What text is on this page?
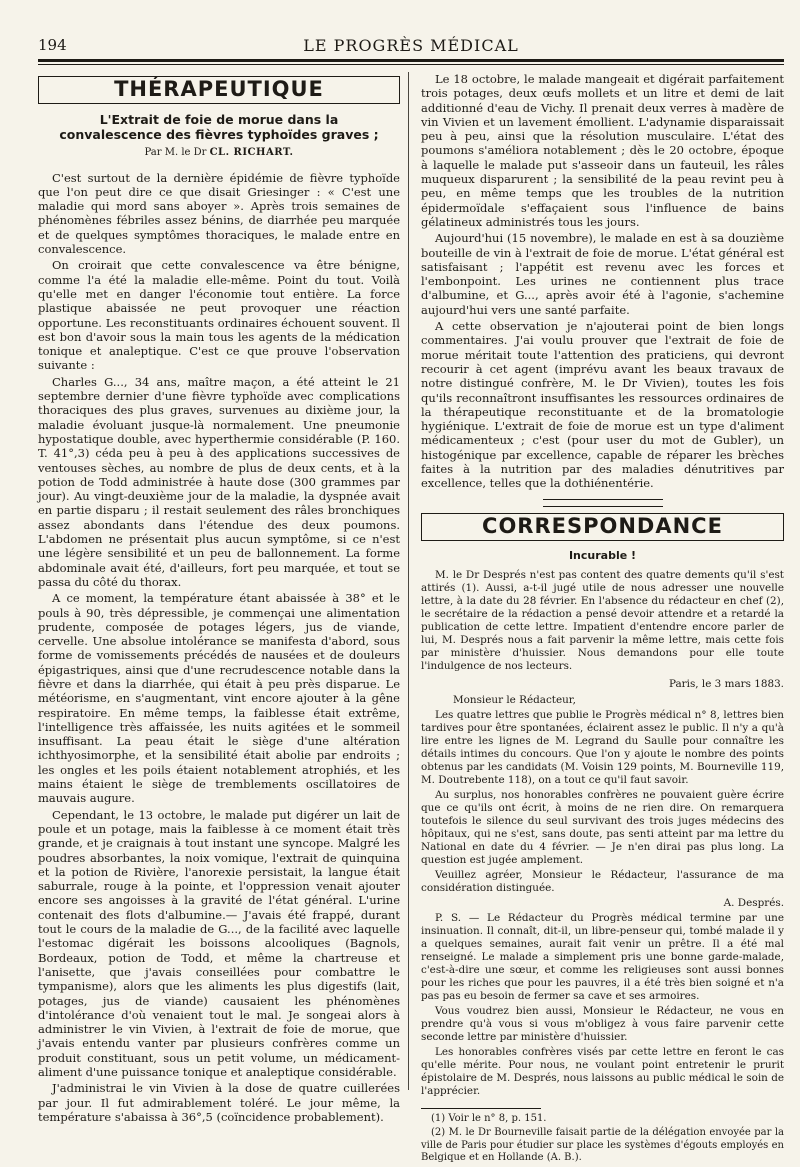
194	LE PROGRÈS MÉDICAL
THÉRAPEUTIQUE
L'Extrait de foie de morue dans la convalescence des fièvres typhoïdes graves ;
Par M. le Dr CL. RICHART.

C'est surtout de la dernière épidémie de fièvre typhoïde que l'on peut dire ce que disait Griesinger : « C'est une maladie qui mord sans aboyer ». Après trois semaines de phénomènes fébriles assez bénins, de diarrhée peu marquée et de quelques symptômes thoraciques, le malade entre en convalescence.

On croirait que cette convalescence va être bénigne, comme l'a été la maladie elle-même. Point du tout. Voilà qu'elle met en danger l'économie tout entière. La force plastique abaissée ne peut provoquer une réaction opportune. Les reconstituants ordinaires échouent souvent. Il est bon d'avoir sous la main tous les agents de la médication tonique et analeptique. C'est ce que prouve l'observation suivante :

Charles G..., 34 ans, maître maçon, a été atteint le 21 septembre dernier d'une fièvre typhoïde avec complications thoraciques des plus graves, survenues au dixième jour, la maladie évoluant jusque-là normalement. Une pneumonie hypostatique double, avec hyperthermie considérable (P. 160. T. 41°,3) céda peu à peu à des applications successives de ventouses sèches, au nombre de plus de deux cents, et à la potion de Todd administrée à haute dose (300 grammes par jour). Au vingt-deuxième jour de la maladie, la dyspnée avait en partie disparu ; il restait seulement des râles bronchiques assez abondants dans l'étendue des deux poumons. L'abdomen ne présentait plus aucun symptôme, si ce n'est une légère sensibilité et un peu de ballonnement. La forme abdominale avait été, d'ailleurs, fort peu marquée, et tout se passa du côté du thorax.

A ce moment, la température étant abaissée à 38° et le pouls à 90, très dépressible, je commençai une alimentation prudente, composée de potages légers, jus de viande, cervelle. Une absolue intolérance se manifesta d'abord, sous forme de vomissements précédés de nausées et de douleurs épigastriques, ainsi que d'une recrudescence notable dans la fièvre et dans la diarrhée, qui était à peu près disparue. Le météorisme, en s'augmentant, vint encore ajouter à la gêne respiratoire. En même temps, la faiblesse était extrême, l'intelligence très affaissée, les nuits agitées et le sommeil insuffisant. La peau était le siège d'une altération ichthyosimorphe, et la sensibilité était abolie par endroits ; les ongles et les poils étaient notablement atrophiés, et les mains étaient le siège de tremblements oscillatoires de mauvais augure.

Cependant, le 13 octobre, le malade put digérer un lait de poule et un potage, mais la faiblesse à ce moment était très grande, et je craignais à tout instant une syncope. Malgré les poudres absorbantes, la noix vomique, l'extrait de quinquina et la potion de Rivière, l'anorexie persistait, la langue était saburrale, rouge à la pointe, et l'oppression venait ajouter encore ses angoisses à la gravité de l'état général. L'urine contenait des flots d'albumine.— J'avais été frappé, durant tout le cours de la maladie de G..., de la facilité avec laquelle l'estomac digérait les boissons alcooliques (Bagnols, Bordeaux, potion de Todd, et même la chartreuse et l'anisette, que j'avais conseillées pour combattre le tympanisme), alors que les aliments les plus digestifs (lait, potages, jus de viande) causaient les phénomènes d'intolérance d'où venaient tout le mal. Je songeai alors à administrer le vin Vivien, à l'extrait de foie de morue, que j'avais entendu vanter par plusieurs confrères comme un produit constituant, sous un petit volume, un médicament-aliment d'une puissance tonique et analeptique considérable.

J'administrai le vin Vivien à la dose de quatre cuillerées par jour. Il fut admirablement toléré. Le jour même, la température s'abaissa à 36°,5 (coïncidence probablement).

Le 18 octobre, le malade mangeait et digérait parfaitement trois potages, deux œufs mollets et un litre et demi de lait additionné d'eau de Vichy. Il prenait deux verres à madère de vin Vivien et un lavement émollient. L'adynamie disparaissait peu à peu, ainsi que la résolution musculaire. L'état des poumons s'améliora notablement ; dès le 20 octobre, époque à laquelle le malade put s'asseoir dans un fauteuil, les râles muqueux disparurent ; la sensibilité de la peau revint peu à peu, en même temps que les troubles de la nutrition épidermoïdale s'effaçaient sous l'influence de bains gélatineux administrés tous les jours.

Aujourd'hui (15 novembre), le malade en est à sa douzième bouteille de vin à l'extrait de foie de morue. L'état général est satisfaisant ; l'appétit est revenu avec les forces et l'embonpoint. Les urines ne contiennent plus trace d'albumine, et G..., après avoir été à l'agonie, s'achemine aujourd'hui vers une santé parfaite.

A cette observation je n'ajouterai point de bien longs commentaires. J'ai voulu prouver que l'extrait de foie de morue méritait toute l'attention des praticiens, qui devront recourir à cet agent (imprévu avant les beaux travaux de notre distingué confrère, M. le Dr Vivien), toutes les fois qu'ils reconnaîtront insuffisantes les ressources ordinaires de la thérapeutique reconstituante et de la bromatologie hygiénique. L'extrait de foie de morue est un type d'aliment médicamenteux ; c'est (pour user du mot de Gubler), un histogénique par excellence, capable de réparer les brèches faites à la nutrition par des maladies dénutritives par excellence, telles que la dothiénentérie.

CORRESPONDANCE
Incurable !

M. le Dr Després n'est pas content des quatre dements qu'il s'est attirés (1). Aussi, a-t-il jugé utile de nous adresser une nouvelle lettre, à la date du 28 février. En l'absence du rédacteur en chef (2), le secrétaire de la rédaction a pensé devoir attendre et a retardé la publication de cette lettre. Impatient d'entendre encore parler de lui, M. Després nous a fait parvenir la même lettre, mais cette fois par ministère d'huissier. Nous demandons pour elle toute l'indulgence de nos lecteurs.

Paris, le 3 mars 1883.

Monsieur le Rédacteur,

Les quatre lettres que publie le Progrès médical n° 8, lettres bien tardives pour être spontanées, éclairent assez le public. Il n'y a qu'à lire entre les lignes de M. Legrand du Saulle pour connaître les détails intimes du concours. Que l'on y ajoute le nombre des points obtenus par les candidats (M. Voisin 129 points, M. Bourneville 119, M. Doutrebente 118), on a tout ce qu'il faut savoir.

Au surplus, nos honorables confrères ne pouvaient guère écrire que ce qu'ils ont écrit, à moins de ne rien dire. On remarquera toutefois le silence du seul survivant des trois juges médecins des hôpitaux, qui ne s'est, sans doute, pas senti atteint par ma lettre du National en date du 4 février. — Je n'en dirai pas plus long. La question est jugée amplement.

Veuillez agréer, Monsieur le Rédacteur, l'assurance de ma considération distinguée.

A. Després.

P. S. — Le Rédacteur du Progrès médical termine par une insinuation. Il connaît, dit-il, un libre-penseur qui, tombé malade il y a quelques semaines, aurait fait venir un prêtre. Il a été mal renseigné. Le malade a simplement pris une bonne garde-malade, c'est-à-dire une sœur, et comme les religieuses sont aussi bonnes pour les riches que pour les pauvres, il a été très bien soigné et n'a pas pas eu besoin de fermer sa cave et ses armoires.

Vous voudrez bien aussi, Monsieur le Rédacteur, ne vous en prendre qu'à vous si vous m'obligez à vous faire parvenir cette seconde lettre par ministère d'huissier.

Les honorables confrères visés par cette lettre en feront le cas qu'elle mérite. Pour nous, ne voulant point entretenir le prurit épistolaire de M. Després, nous laissons au public médical le soin de l'apprécier.

(1) Voir le n° 8, p. 151.

(2) M. le Dr Bourneville faisait partie de la délégation envoyée par la ville de Paris pour étudier sur place les systèmes d'égouts employés en Belgique et en Hollande (A. B.).
